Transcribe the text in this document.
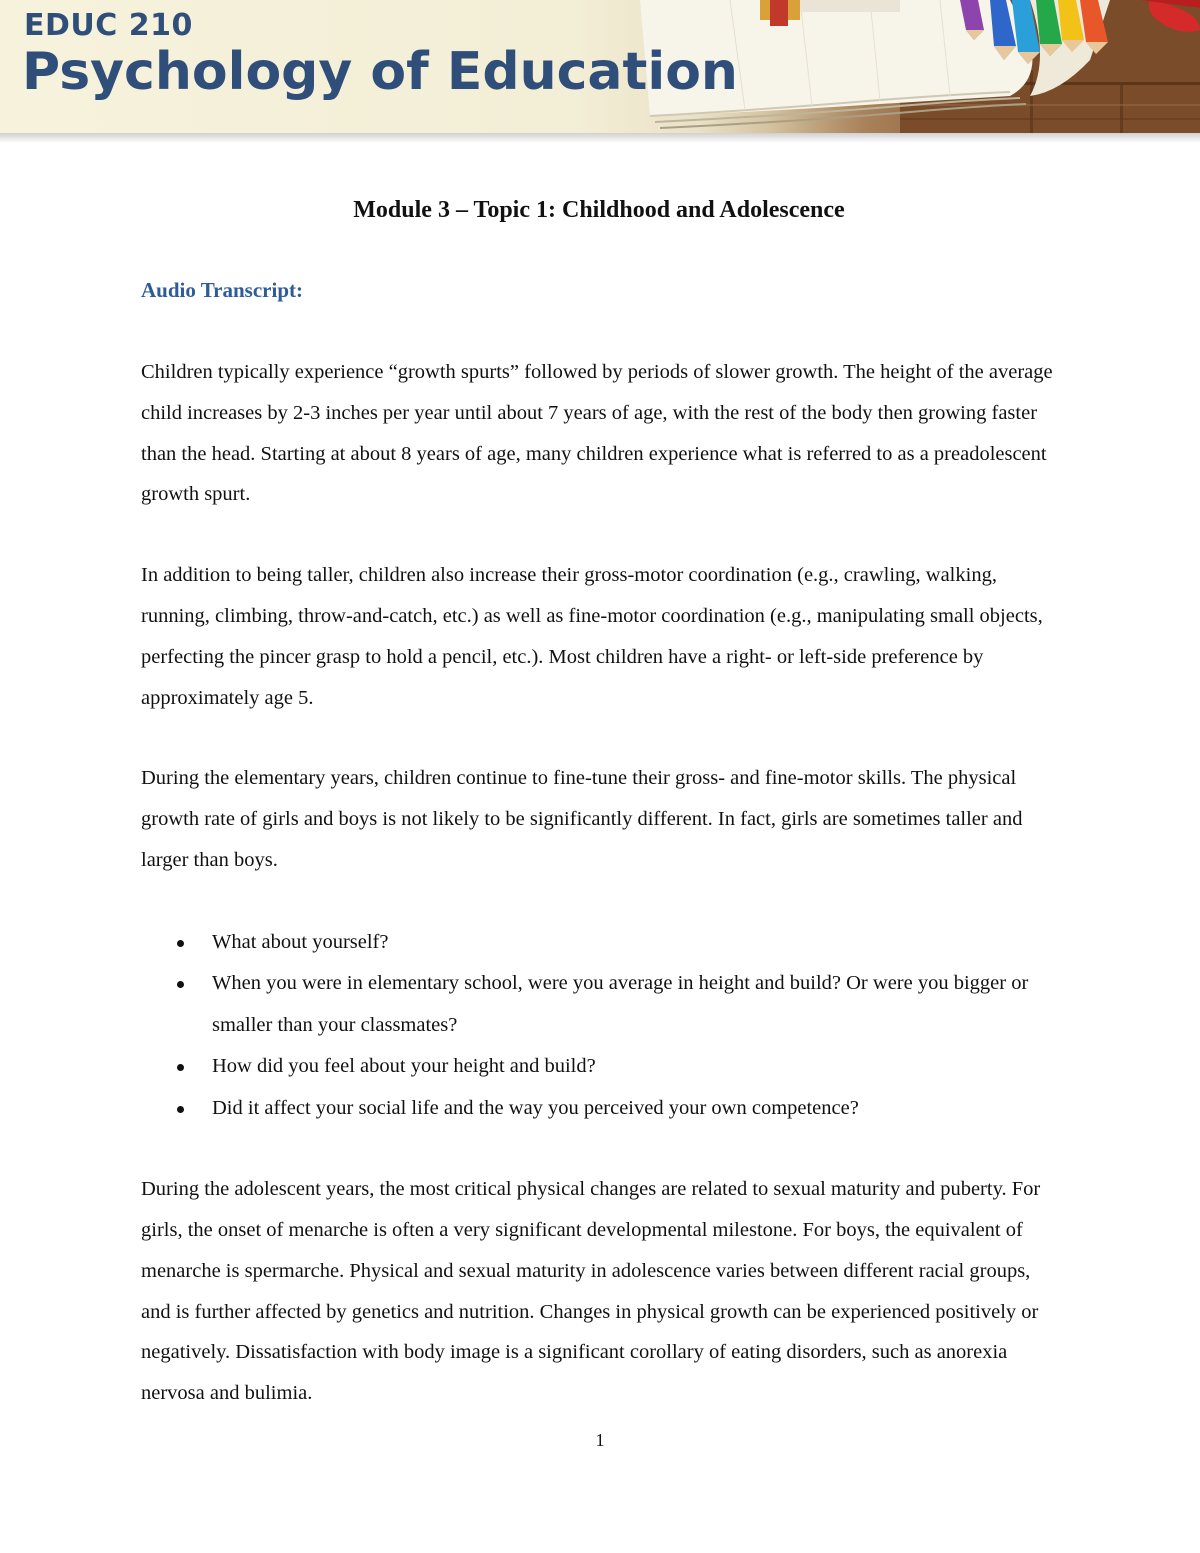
EDUC 210
Psychology of Education
Module 3 – Topic 1: Childhood and Adolescence
Audio Transcript:

Children typically experience “growth spurts” followed by periods of slower growth. The height of the average child increases by 2-3 inches per year until about 7 years of age, with the rest of the body then growing faster than the head. Starting at about 8 years of age, many children experience what is referred to as a preadolescent growth spurt.

In addition to being taller, children also increase their gross-motor coordination (e.g., crawling, walking, running, climbing, throw-and-catch, etc.) as well as fine-motor coordination (e.g., manipulating small objects, perfecting the pincer grasp to hold a pencil, etc.). Most children have a right- or left-side preference by approximately age 5.

During the elementary years, children continue to fine-tune their gross- and fine-motor skills. The physical growth rate of girls and boys is not likely to be significantly different. In fact, girls are sometimes taller and larger than boys.

What about yourself?
When you were in elementary school, were you average in height and build? Or were you bigger or smaller than your classmates?
How did you feel about your height and build?
Did it affect your social life and the way you perceived your own competence?

During the adolescent years, the most critical physical changes are related to sexual maturity and puberty. For girls, the onset of menarche is often a very significant developmental milestone. For boys, the equivalent of menarche is spermarche. Physical and sexual maturity in adolescence varies between different racial groups, and is further affected by genetics and nutrition. Changes in physical growth can be experienced positively or negatively. Dissatisfaction with body image is a significant corollary of eating disorders, such as anorexia nervosa and bulimia.

1
